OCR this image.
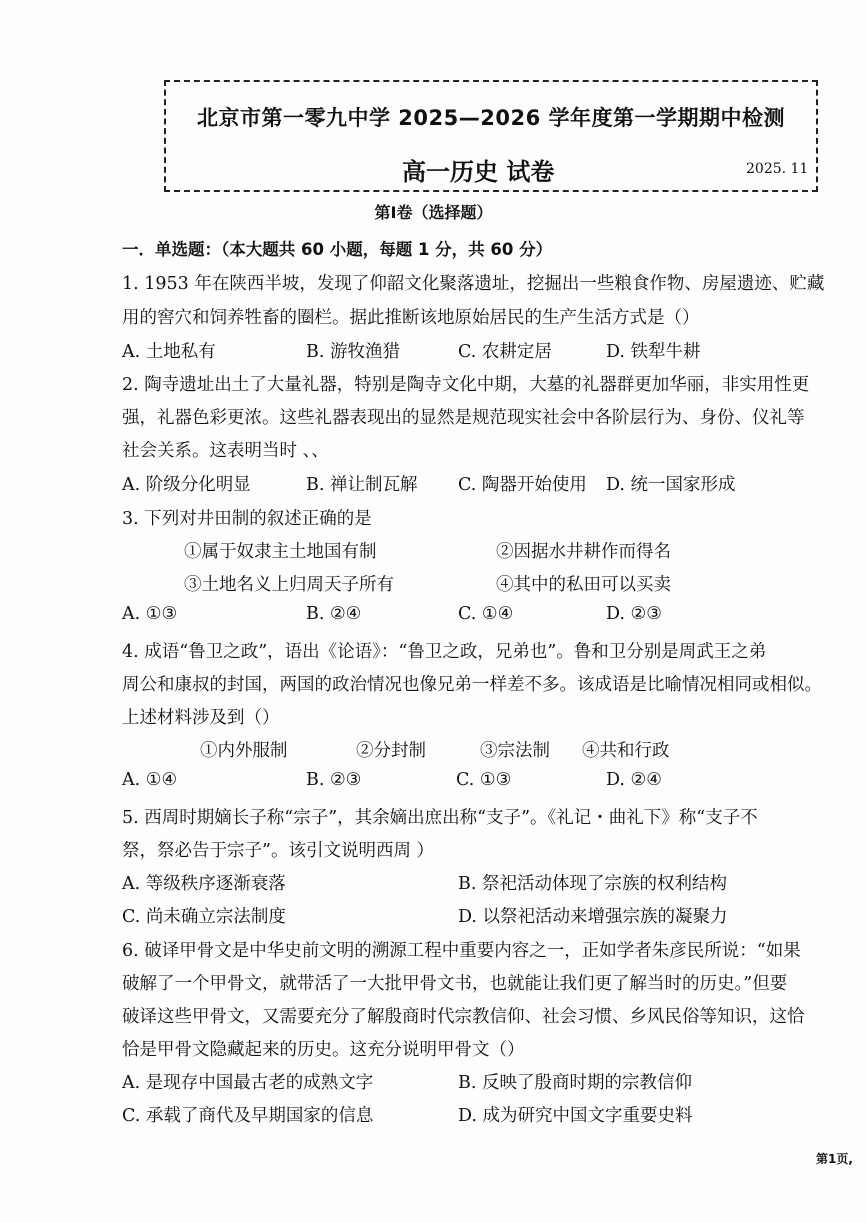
北京市第一零九中学 2025—2026 学年度第一学期期中检测
高一历史 试卷	2025. 11
第Ⅰ卷（选择题）
一．单选题：（本大题共 60 小题，每题 1 分，共 60 分）
1. 1953 年在陕西半坡，发现了仰韶文化聚落遗址，挖掘出一些粮食作物、房屋遗迹、贮藏
用的窖穴和饲养牲畜的圈栏。据此推断该地原始居民的生产生活方式是（）
A. 土地私有	B. 游牧渔猎	C. 农耕定居	D. 铁犁牛耕
2. 陶寺遗址出土了大量礼器，特别是陶寺文化中期，大墓的礼器群更加华丽，非实用性更
强，礼器色彩更浓。这些礼器表现出的显然是规范现实社会中各阶层行为、身份、仪礼等
社会关系。这表明当时 、、
A. 阶级分化明显	B. 禅让制瓦解 C. 陶器开始使用 D. 统一国家形成
3. 下列对井田制的叙述正确的是
①属于奴隶主土地国有制	②因据水井耕作而得名
③土地名义上归周天子所有	④其中的私田可以买卖
A. ①③	B. ②④	C. ①④	D. ②③
4. 成语“鲁卫之政”，语出《论语》：“鲁卫之政，兄弟也”。鲁和卫分别是周武王之弟
周公和康叔的封国，两国的政治情况也像兄弟一样差不多。该成语是比喻情况相同或相似。
上述材料涉及到（）
①内外服制	②分封制	③宗法制 ④共和行政
A. ①④	B. ②③	C. ①③	D. ②④
5. 西周时期嫡长子称“宗子”，其余嫡出庶出称“支子”。《礼记・曲礼下》称“支子不
祭，祭必告于宗子”。该引文说明西周 ）
A. 等级秩序逐渐衰落	B. 祭祀活动体现了宗族的权利结构
C. 尚未确立宗法制度	D. 以祭祀活动来增强宗族的凝聚力
6. 破译甲骨文是中华史前文明的溯源工程中重要内容之一，正如学者朱彦民所说：“如果
破解了一个甲骨文，就带活了一大批甲骨文书，也就能让我们更了解当时的历史。”但要
破译这些甲骨文，又需要充分了解殷商时代宗教信仰、社会习惯、乡风民俗等知识，这恰
恰是甲骨文隐藏起来的历史。这充分说明甲骨文（）
A. 是现存中国最古老的成熟文字	B. 反映了殷商时期的宗教信仰
C. 承载了商代及早期国家的信息	D. 成为研究中国文字重要史料
第1页,
